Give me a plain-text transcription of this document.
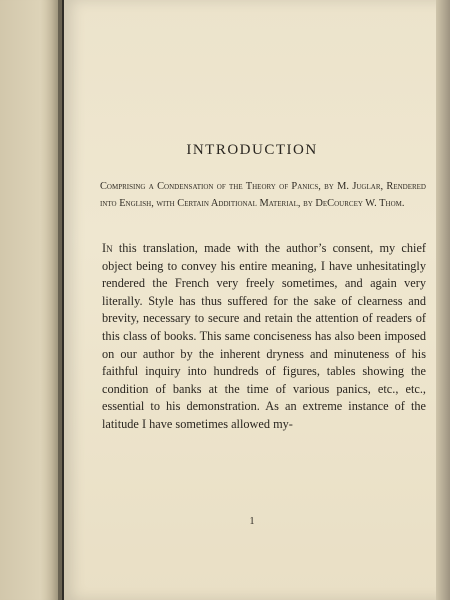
INTRODUCTION
Comprising a Condensation of the Theory of Panics, by M. Juglar, Rendered into English, with Certain Additional Material, by DeCourcey W. Thom.
In this translation, made with the author’s consent, my chief object being to convey his entire meaning, I have unhesitatingly rendered the French very freely sometimes, and again very literally. Style has thus suffered for the sake of clearness and brevity, necessary to secure and retain the attention of readers of this class of books. This same conciseness has also been imposed on our author by the inherent dryness and minuteness of his faithful inquiry into hundreds of figures, tables showing the condition of banks at the time of various panics, etc., etc., essential to his demonstration. As an extreme instance of the latitude I have sometimes allowed my-
1
